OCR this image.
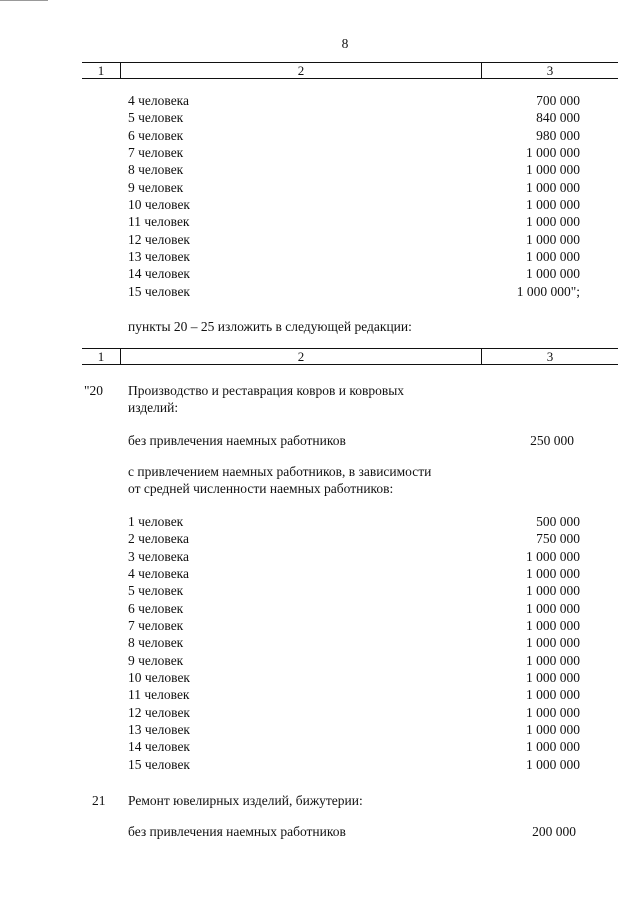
8
1	2	3
4 человека	700 000
5 человек	840 000
6 человек	980 000
7 человек	1 000 000
8 человек	1 000 000
9 человек	1 000 000
10 человек	1 000 000
11 человек	1 000 000
12 человек	1 000 000
13 человек	1 000 000
14 человек	1 000 000
15 человек	1 000 000";
пункты 20 – 25 изложить в следующей редакции:
1	2	3
"20 Производство и реставрация ковров и ковровых
изделий:
без привлечения наемных работников	250 000
с привлечением наемных работников, в зависимости
от средней численности наемных работников:
1 человек	500 000
2 человека	750 000
3 человека	1 000 000
4 человека	1 000 000
5 человек	1 000 000
6 человек	1 000 000
7 человек	1 000 000
8 человек	1 000 000
9 человек	1 000 000
10 человек	1 000 000
11 человек	1 000 000
12 человек	1 000 000
13 человек	1 000 000
14 человек	1 000 000
15 человек	1 000 000
21 Ремонт ювелирных изделий, бижутерии:
без привлечения наемных работников	200 000
